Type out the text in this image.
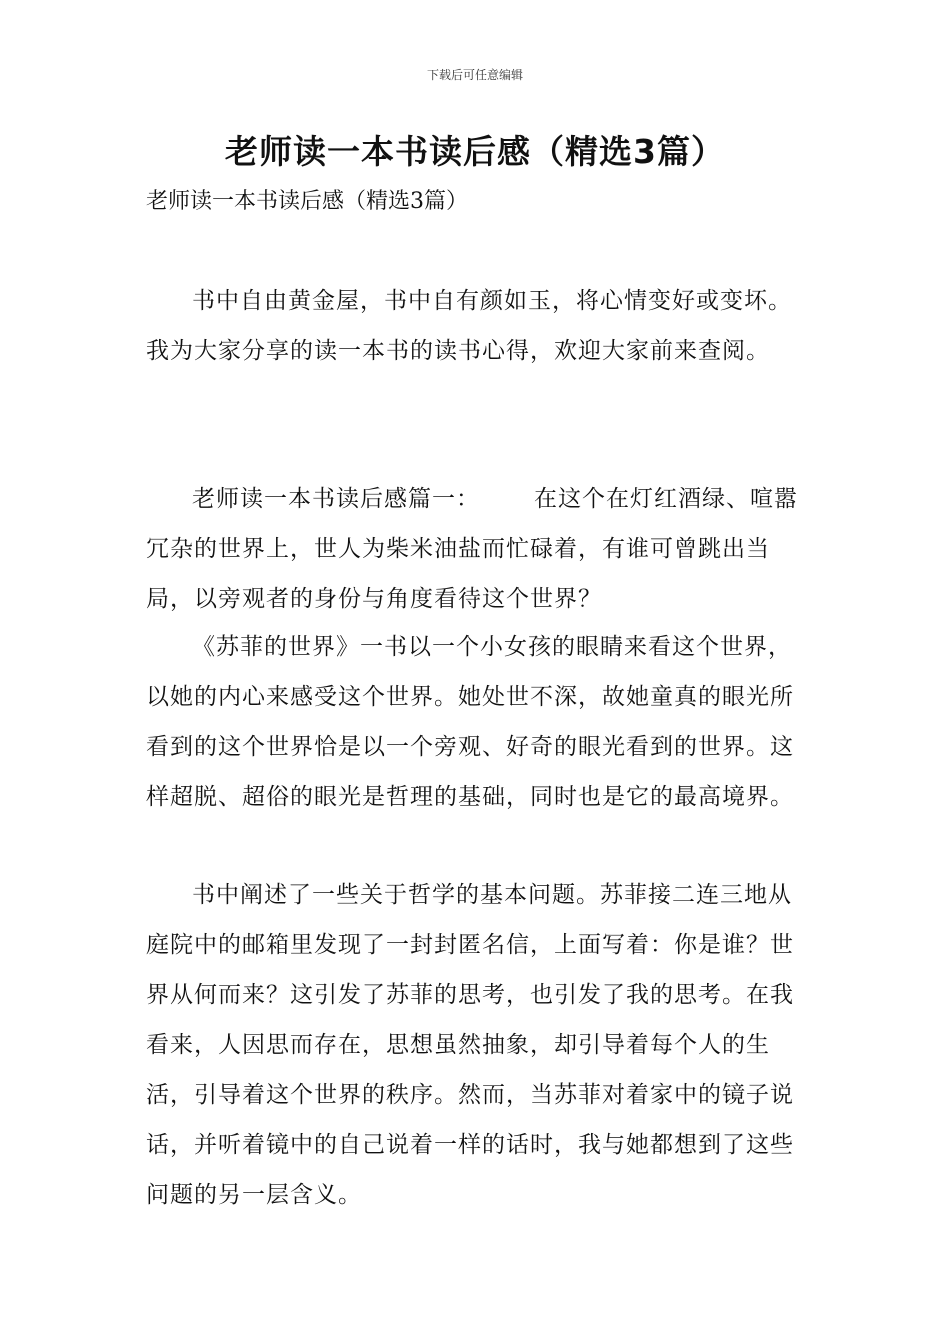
下载后可任意编辑
老师读一本书读后感（精选3篇）

老师读一本书读后感（精选3篇）

书中自由黄金屋，书中自有颜如玉，将心情变好或变坏。我为大家分享的读一本书的读书心得，欢迎大家前来查阅。

老师读一本书读后感篇一： 在这个在灯红酒绿、喧嚣冗杂的世界上，世人为柴米油盐而忙碌着，有谁可曾跳出当局，以旁观者的身份与角度看待这个世界？

《苏菲的世界》一书以一个小女孩的眼睛来看这个世界，以她的内心来感受这个世界。她处世不深，故她童真的眼光所看到的这个世界恰是以一个旁观、好奇的眼光看到的世界。这样超脱、超俗的眼光是哲理的基础，同时也是它的最高境界。

书中阐述了一些关于哲学的基本问题。苏菲接二连三地从庭院中的邮箱里发现了一封封匿名信，上面写着：你是谁？世界从何而来？这引发了苏菲的思考，也引发了我的思考。在我看来，人因思而存在，思想虽然抽象，却引导着每个人的生活，引导着这个世界的秩序。然而，当苏菲对着家中的镜子说话，并听着镜中的自己说着一样的话时，我与她都想到了这些问题的另一层含义。
